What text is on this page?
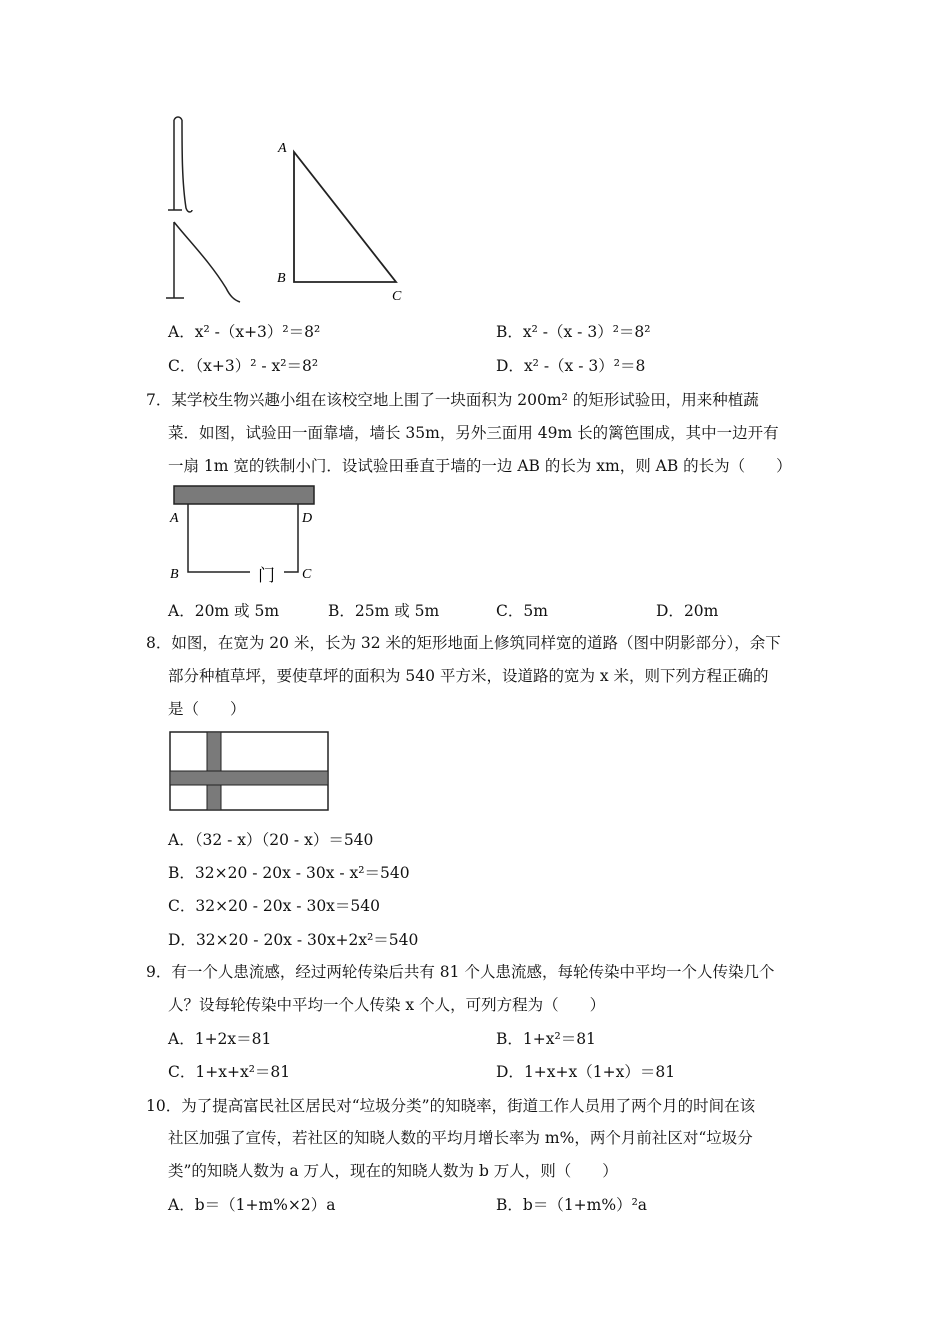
A
B
C
A．x² -（x+3）²＝8²	B．x² -（x - 3）²＝8²
C．（x+3）² - x²＝8²	D．x² -（x - 3）²＝8
7．某学校生物兴趣小组在该校空地上围了一块面积为 200m² 的矩形试验田，用来种植蔬
菜．如图，试验田一面靠墙，墙长 35m，另外三面用 49m 长的篱笆围成，其中一边开有
一扇 1m 宽的铁制小门．设试验田垂直于墙的一边 AB 的长为 xm，则 AB 的长为（　　）
A	D
B	C
门
A．20m 或 5m	B．25m 或 5m	C．5m	D．20m
8．如图，在宽为 20 米，长为 32 米的矩形地面上修筑同样宽的道路（图中阴影部分），余下
部分种植草坪，要使草坪的面积为 540 平方米，设道路的宽为 x 米，则下列方程正确的
是（　　）
A．（32 - x）（20 - x）＝540
B．32×20 - 20x - 30x - x²＝540
C．32×20 - 20x - 30x＝540
D．32×20 - 20x - 30x+2x²＝540
9．有一个人患流感，经过两轮传染后共有 81 个人患流感，每轮传染中平均一个人传染几个
人？设每轮传染中平均一个人传染 x 个人，可列方程为（　　）
A．1+2x＝81	B．1+x²＝81
C．1+x+x²＝81	D．1+x+x（1+x）＝81
10．为了提高富民社区居民对“垃圾分类”的知晓率，街道工作人员用了两个月的时间在该
社区加强了宣传，若社区的知晓人数的平均月增长率为 m%，两个月前社区对“垃圾分
类”的知晓人数为 a 万人，现在的知晓人数为 b 万人，则（　　）
A．b＝（1+m%×2）a	B．b＝（1+m%）²a
